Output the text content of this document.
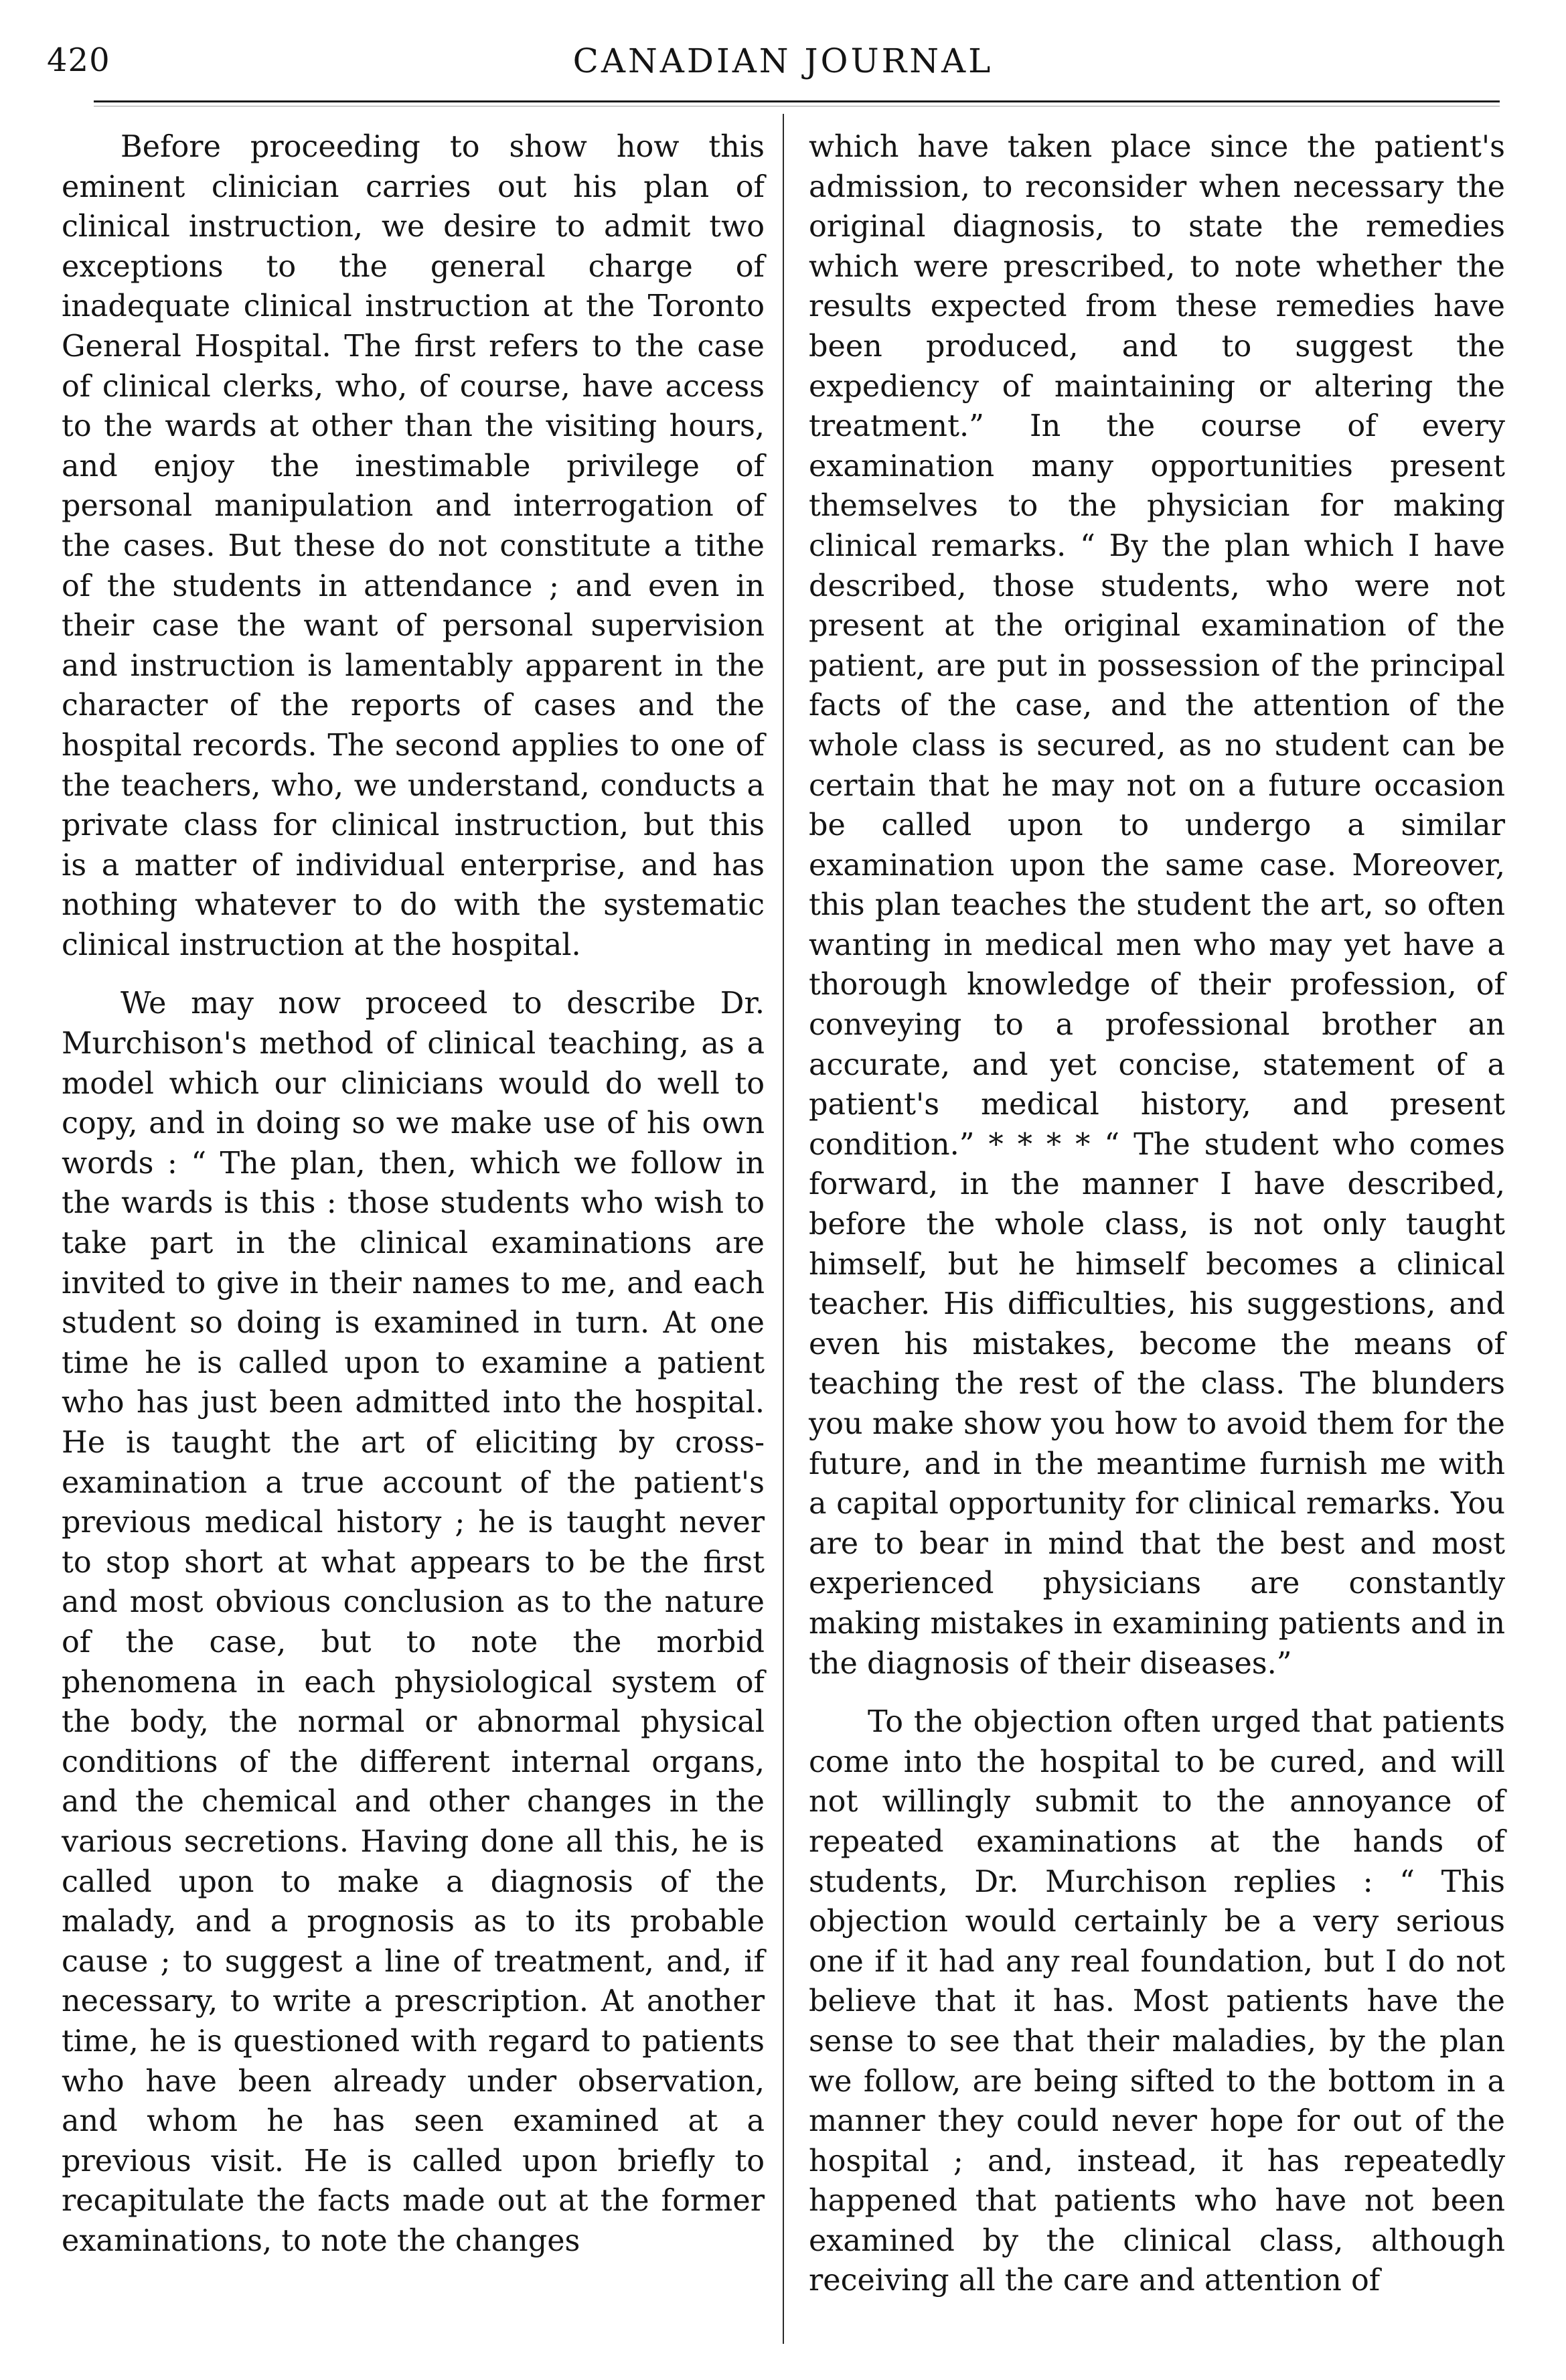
420	CANADIAN JOURNAL

Before proceeding to show how this eminent clinician carries out his plan of clinical instruction, we desire to admit two exceptions to the general charge of inadequate clinical instruction at the Toronto General Hospital. The first refers to the case of clinical clerks, who, of course, have access to the wards at other than the visiting hours, and enjoy the inestimable privilege of personal manipulation and interrogation of the cases. But these do not constitute a tithe of the students in attendance ; and even in their case the want of personal supervision and instruction is lamentably apparent in the character of the reports of cases and the hospital records. The second applies to one of the teachers, who, we understand, conducts a private class for clinical instruction, but this is a matter of individual enterprise, and has nothing whatever to do with the systematic clinical instruction at the hospital.

We may now proceed to describe Dr. Murchison's method of clinical teaching, as a model which our clinicians would do well to copy, and in doing so we make use of his own words : “ The plan, then, which we follow in the wards is this : those students who wish to take part in the clinical examinations are invited to give in their names to me, and each student so doing is examined in turn. At one time he is called upon to examine a patient who has just been admitted into the hospital. He is taught the art of eliciting by cross-examination a true account of the patient's previous medical history ; he is taught never to stop short at what appears to be the first and most obvious conclusion as to the nature of the case, but to note the morbid phenomena in each physiological system of the body, the normal or abnormal physical conditions of the different internal organs, and the chemical and other changes in the various secretions. Having done all this, he is called upon to make a diagnosis of the malady, and a prognosis as to its probable cause ; to suggest a line of treatment, and, if necessary, to write a prescription. At another time, he is questioned with regard to patients who have been already under observation, and whom he has seen examined at a previous visit. He is called upon briefly to recapitulate the facts made out at the former examinations, to note the changes

which have taken place since the patient's admission, to reconsider when necessary the original diagnosis, to state the remedies which were prescribed, to note whether the results expected from these remedies have been produced, and to suggest the expediency of maintaining or altering the treatment.” In the course of every examination many opportunities present themselves to the physician for making clinical remarks. “ By the plan which I have described, those students, who were not present at the original examination of the patient, are put in possession of the principal facts of the case, and the attention of the whole class is secured, as no student can be certain that he may not on a future occasion be called upon to undergo a similar examination upon the same case. Moreover, this plan teaches the student the art, so often wanting in medical men who may yet have a thorough knowledge of their profession, of conveying to a professional brother an accurate, and yet concise, statement of a patient's medical history, and present condition.” * * * * “ The student who comes forward, in the manner I have described, before the whole class, is not only taught himself, but he himself becomes a clinical teacher. His difficulties, his suggestions, and even his mistakes, become the means of teaching the rest of the class. The blunders you make show you how to avoid them for the future, and in the meantime furnish me with a capital opportunity for clinical remarks. You are to bear in mind that the best and most experienced physicians are constantly making mistakes in examining patients and in the diagnosis of their diseases.”

To the objection often urged that patients come into the hospital to be cured, and will not willingly submit to the annoyance of repeated examinations at the hands of students, Dr. Murchison replies : “ This objection would certainly be a very serious one if it had any real foundation, but I do not believe that it has. Most patients have the sense to see that their maladies, by the plan we follow, are being sifted to the bottom in a manner they could never hope for out of the hospital ; and, instead, it has repeatedly happened that patients who have not been examined by the clinical class, although receiving all the care and attention of
